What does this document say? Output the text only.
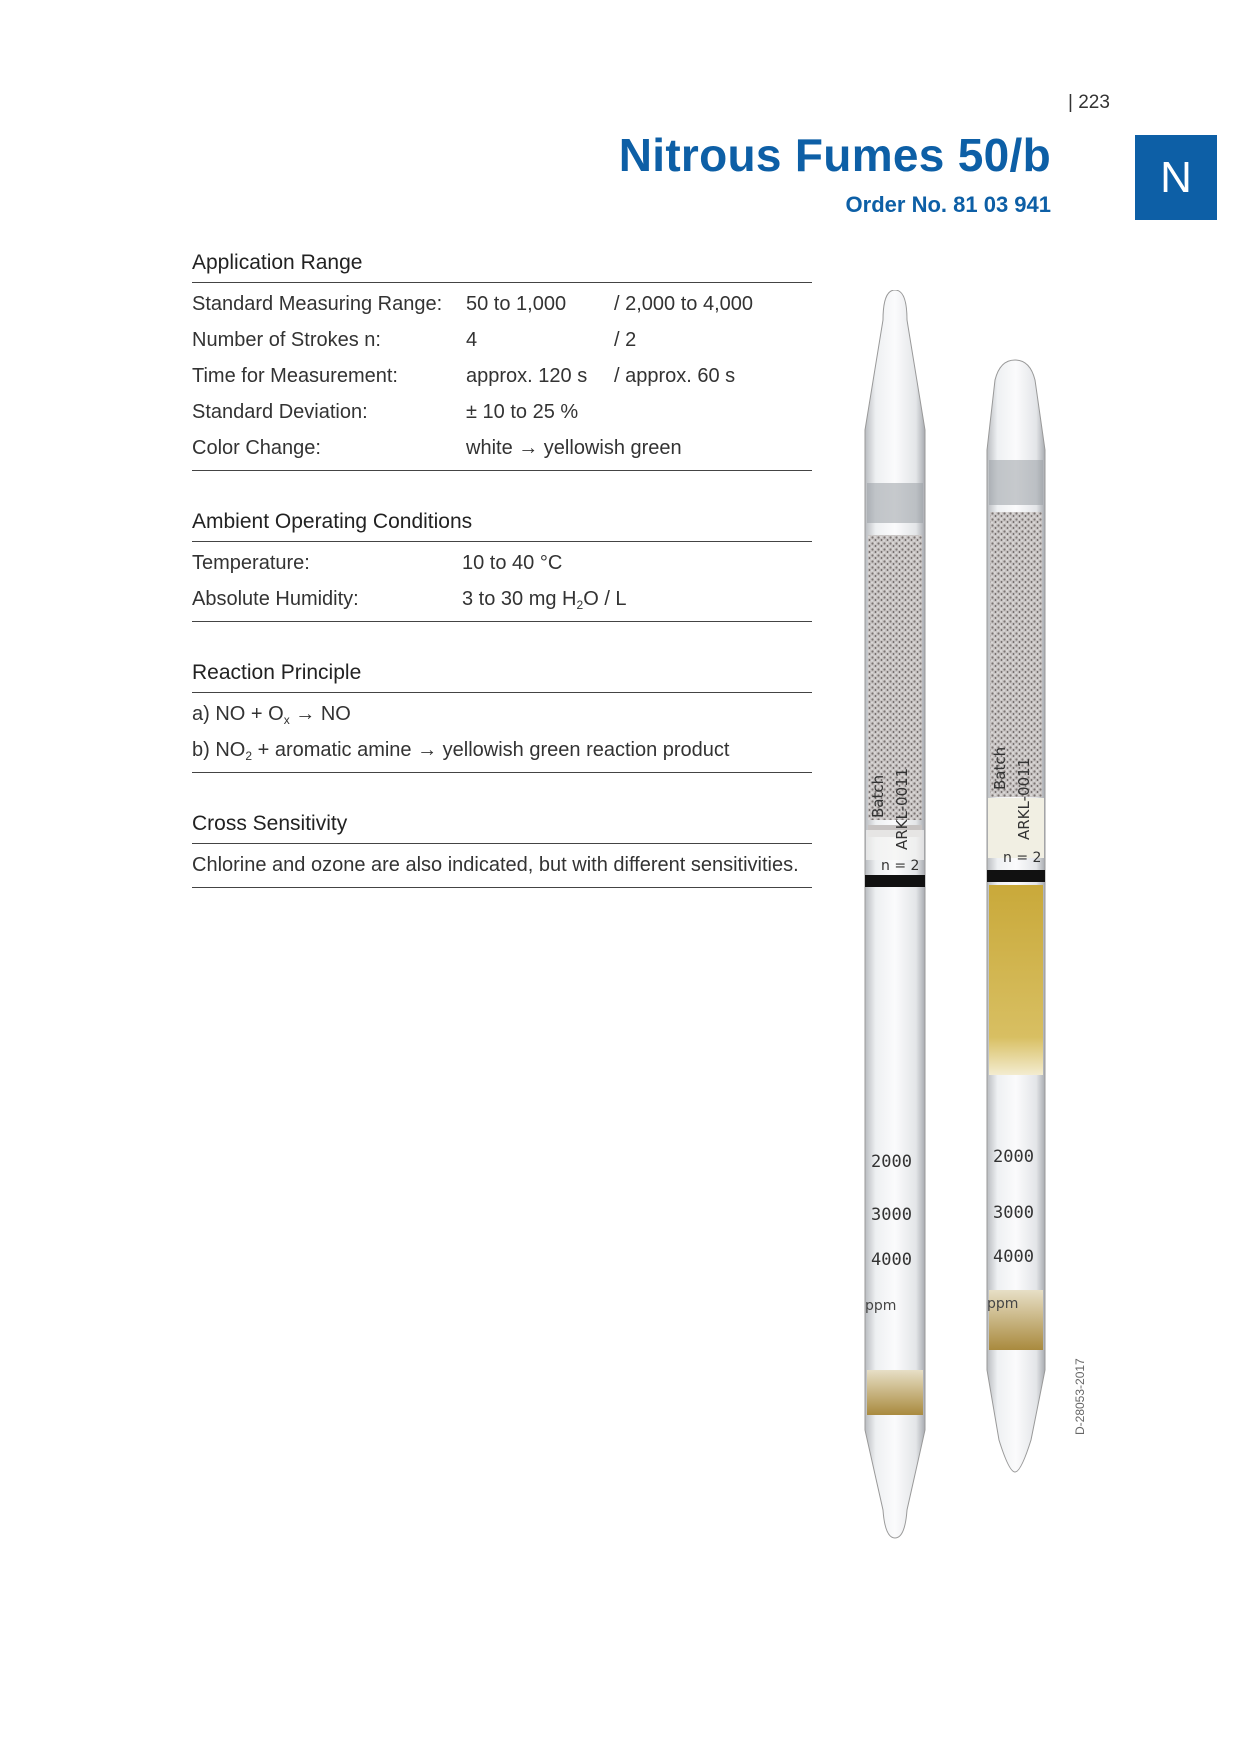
| 223
Nitrous Fumes 50/b
Order No. 81 03 941
N
Application Range
Standard Measuring Range:	50 to 1,000	/ 2,000 to 4,000
Number of Strokes n:	4	/ 2
Time for Measurement:	approx. 120 s	/ approx. 60 s
Standard Deviation:	± 10 to 25 %
Color Change:	white → yellowish green
Ambient Operating Conditions
Temperature:	10 to 40 °C
Absolute Humidity:	3 to 30 mg $H_2O$ / L
Reaction Principle
a) NO + $O_x$ → NO
b) $NO_2$ + aromatic amine → yellowish green reaction product
Cross Sensitivity
Chlorine and ozone are also indicated, but with different sensitivities.
Batch ARKL-0011
n = 2
2000
3000
4000
ppm
Batch ARKL-0011
n = 2
2000
3000
4000
ppm
D-28053-2017
